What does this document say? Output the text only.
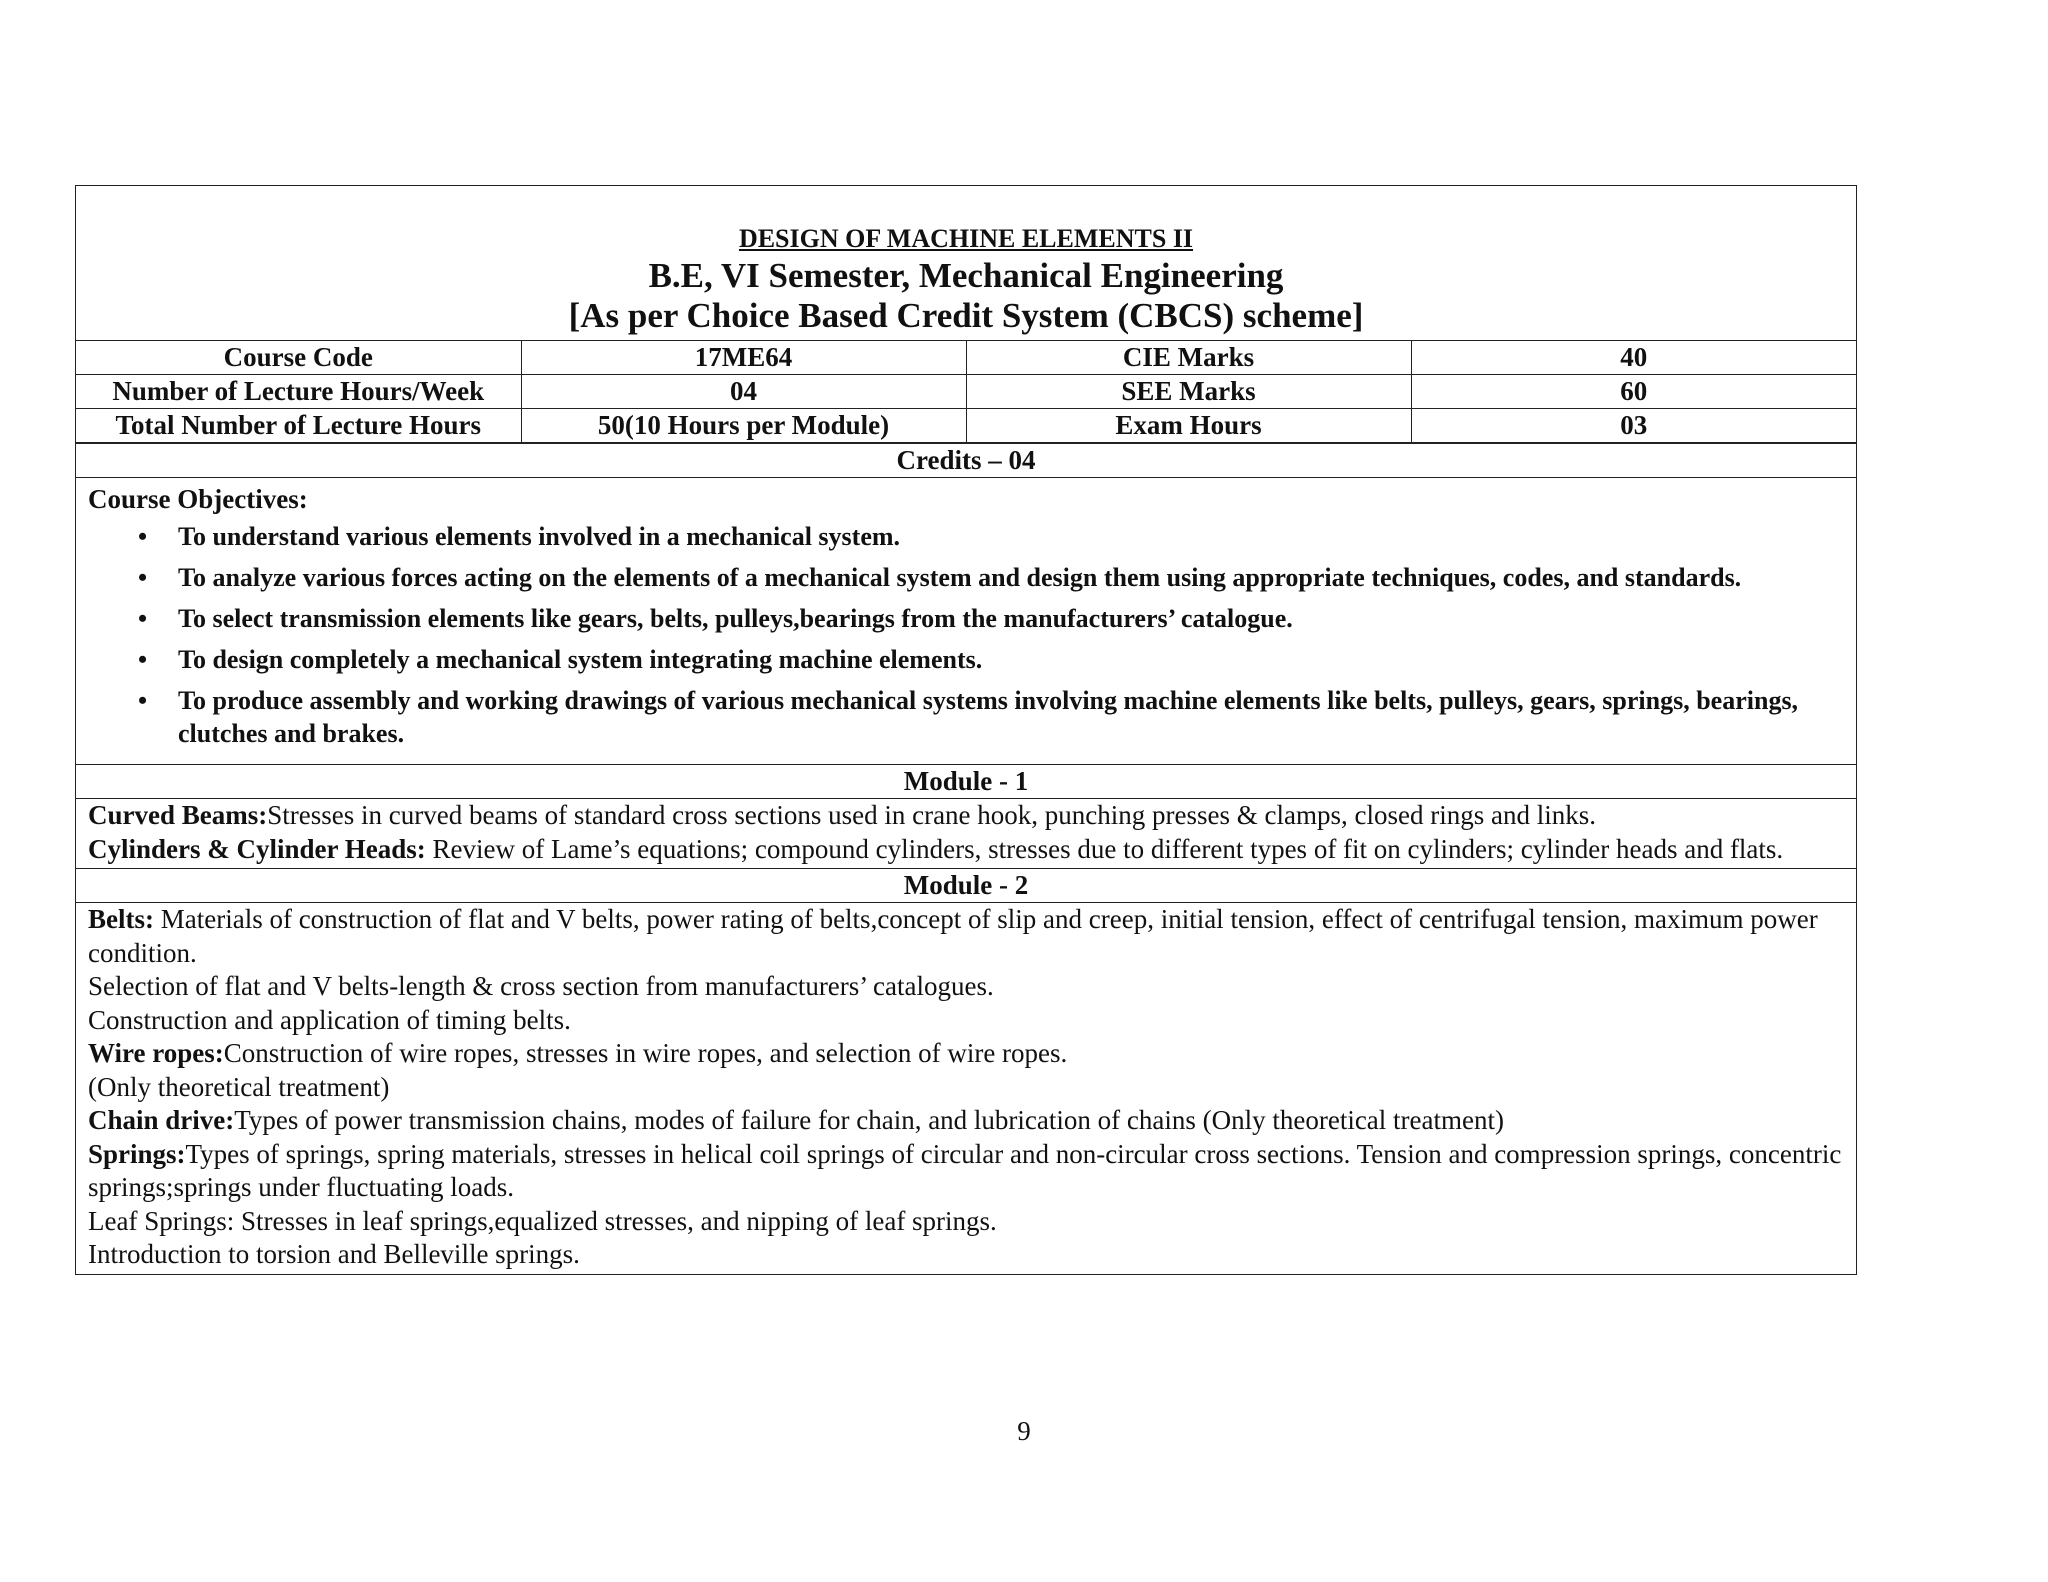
DESIGN OF MACHINE ELEMENTS II
B.E, VI Semester, Mechanical Engineering
[As per Choice Based Credit System (CBCS) scheme]
Course Code	17ME64	CIE Marks	40
Number of Lecture Hours/Week	04	SEE Marks	60
Total Number of Lecture Hours	50(10 Hours per Module)	Exam Hours	03
Credits – 04
Course Objectives:
• To understand various elements involved in a mechanical system.
• To analyze various forces acting on the elements of a mechanical system and design them using appropriate techniques, codes, and standards.
• To select transmission elements like gears, belts, pulleys,bearings from the manufacturers’ catalogue.
• To design completely a mechanical system integrating machine elements.
• To produce assembly and working drawings of various mechanical systems involving machine elements like belts, pulleys, gears, springs, bearings, clutches and brakes.
Module - 1

Curved Beams:Stresses in curved beams of standard cross sections used in crane hook, punching presses & clamps, closed rings and links.

Cylinders & Cylinder Heads: Review of Lame’s equations; compound cylinders, stresses due to different types of fit on cylinders; cylinder heads and flats.

Module - 2

Belts: Materials of construction of flat and V belts, power rating of belts,concept of slip and creep, initial tension, effect of centrifugal tension, maximum power condition.

Selection of flat and V belts-length & cross section from manufacturers’ catalogues.

Construction and application of timing belts.

Wire ropes:Construction of wire ropes, stresses in wire ropes, and selection of wire ropes.

(Only theoretical treatment)

Chain drive:Types of power transmission chains, modes of failure for chain, and lubrication of chains (Only theoretical treatment)

Springs:Types of springs, spring materials, stresses in helical coil springs of circular and non-circular cross sections. Tension and compression springs, concentric springs;springs under fluctuating loads.

Leaf Springs: Stresses in leaf springs,equalized stresses, and nipping of leaf springs.

Introduction to torsion and Belleville springs.

9
